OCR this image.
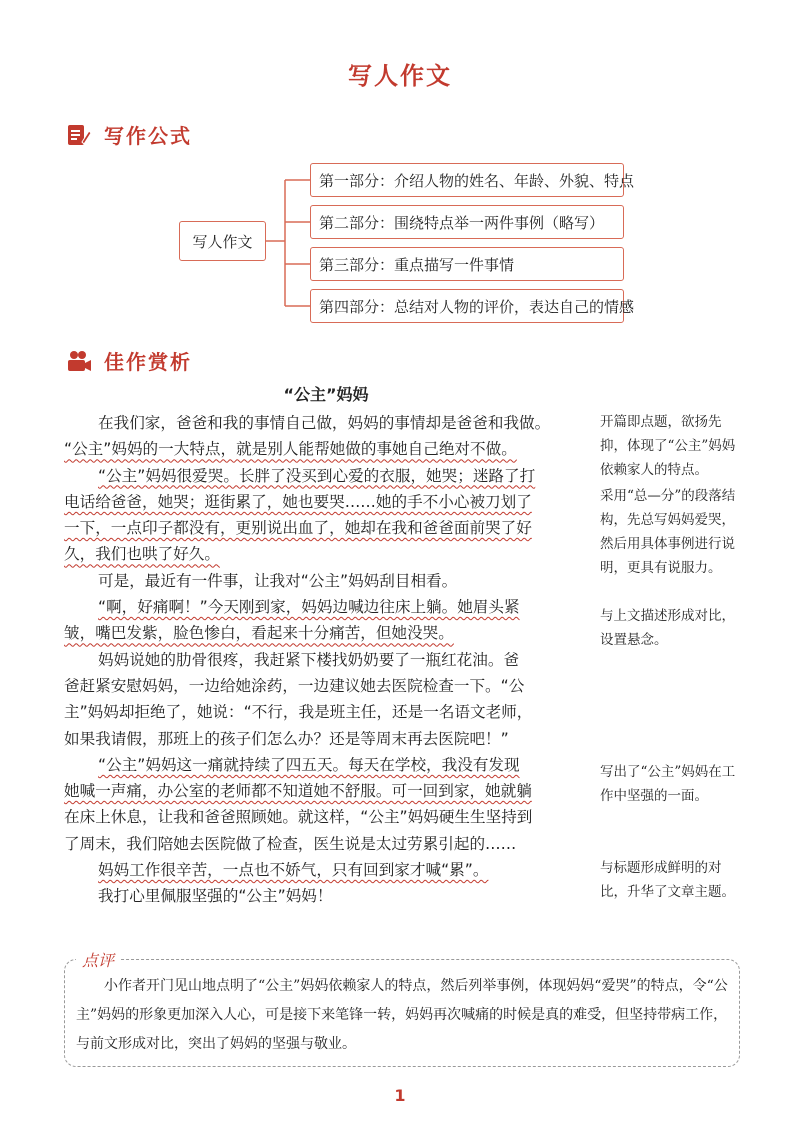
写人作文
写作公式
写人作文
第一部分：介绍人物的姓名、年龄、外貌、特点
第二部分：围绕特点举一两件事例（略写）
第三部分：重点描写一件事情
第四部分：总结对人物的评价，表达自己的情感
佳作赏析
“公主”妈妈
在我们家，爸爸和我的事情自己做，妈妈的事情却是爸爸和我做。
“公主”妈妈的一大特点，就是别人能帮她做的事她自己绝对不做。
“公主”妈妈很爱哭。长胖了没买到心爱的衣服，她哭；迷路了打
电话给爸爸，她哭；逛街累了，她也要哭……她的手不小心被刀划了
一下，一点印子都没有，更别说出血了，她却在我和爸爸面前哭了好
久，我们也哄了好久。
可是，最近有一件事，让我对“公主”妈妈刮目相看。
“啊，好痛啊！”今天刚到家，妈妈边喊边往床上躺。她眉头紧
皱，嘴巴发紫，脸色惨白，看起来十分痛苦，但她没哭。
妈妈说她的肋骨很疼，我赶紧下楼找奶奶要了一瓶红花油。爸
爸赶紧安慰妈妈，一边给她涂药，一边建议她去医院检查一下。“公
主”妈妈却拒绝了，她说：“不行，我是班主任，还是一名语文老师，
如果我请假，那班上的孩子们怎么办？还是等周末再去医院吧！”
“公主”妈妈这一痛就持续了四五天。每天在学校，我没有发现
她喊一声痛，办公室的老师都不知道她不舒服。可一回到家，她就躺
在床上休息，让我和爸爸照顾她。就这样，“公主”妈妈硬生生坚持到
了周末，我们陪她去医院做了检查，医生说是太过劳累引起的……
妈妈工作很辛苦，一点也不娇气，只有回到家才喊“累”。
我打心里佩服坚强的“公主”妈妈！
开篇即点题，欲扬先抑，体现了“公主”妈妈依赖家人的特点。
采用“总—分”的段落结构，先总写妈妈爱哭，然后用具体事例进行说明，更具有说服力。
与上文描述形成对比，设置悬念。
写出了“公主”妈妈在工作中坚强的一面。
与标题形成鲜明的对比，升华了文章主题。
点评
小作者开门见山地点明了“公主”妈妈依赖家人的特点，然后列举事例，体现妈妈“爱哭”的特点，令“公主”妈妈的形象更加深入人心，可是接下来笔锋一转，妈妈再次喊痛的时候是真的难受，但坚持带病工作，与前文形成对比，突出了妈妈的坚强与敬业。
1
